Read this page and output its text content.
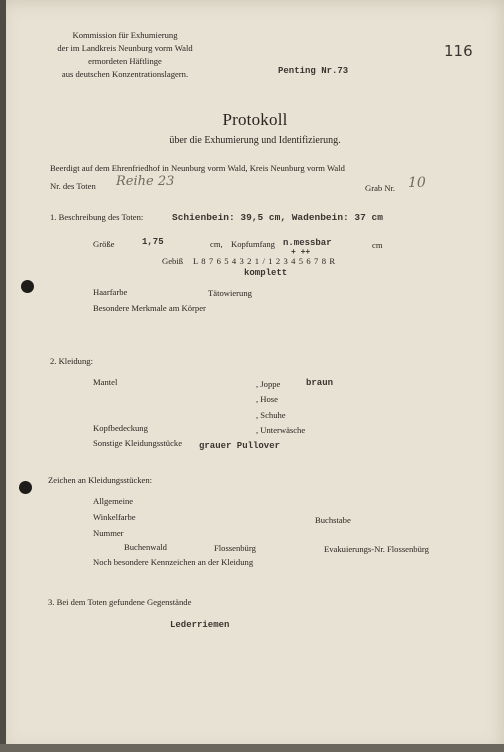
Kommission für Exhumierung
der im Landkreis Neunburg vorm Wald
ermordeten Häftlinge
aus deutschen Konzentrationslagern.	Penting Nr.73
116
Protokoll
über die Exhumierung und Identifizierung.
Beerdigt auf dem Ehrenfriedhof in Neunburg vorm Wald, Kreis Neunburg vorm Wald
Nr. des Toten Reihe 23	Grab Nr. 10
1. Beschreibung des Toten:	Schienbein: 39,5 cm, Wadenbein: 37 cm
Größe	1,75	cm, Kopfumfang n.messbar	cm
Gebiß L 8 7 6 5 4 3 2 1 / 1 2 3 4 5 6 7 8 R
+ ++
komplett
Haarfarbe	Tätowierung
Besondere Merkmale am Körper
2. Kleidung:
Mantel	, Joppe	braun
, Hose
, Schuhe
Kopfbedeckung	, Unterwäsche
Sonstige Kleidungsstücke grauer Pullover
Zeichen an Kleidungsstücken:
Allgemeine
Winkelfarbe	Buchstabe
Nummer
Buchenwald	Flossenbürg	Evakuierungs-Nr. Flossenbürg
Noch besondere Kennzeichen an der Kleidung
3. Bei dem Toten gefundene Gegenstände
Lederriemen
